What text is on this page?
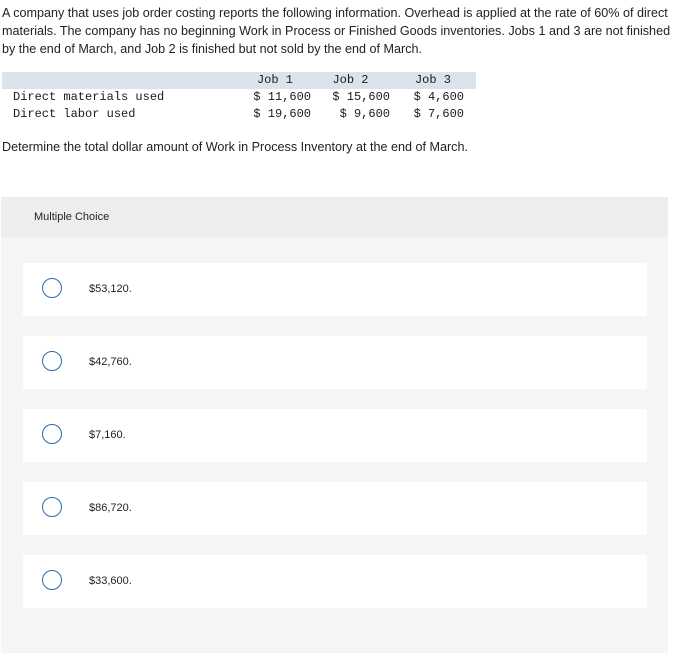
A company that uses job order costing reports the following information. Overhead is applied at the rate of 60% of direct materials. The company has no beginning Work in Process or Finished Goods inventories. Jobs 1 and 3 are not finished by the end of March, and Job 2 is finished but not sold by the end of March.

	Job 1	Job 2	Job 3
Direct materials used	$ 11,600	$ 15,600	$ 4,600
Direct labor used	$ 19,600	$ 9,600	$ 7,600

Determine the total dollar amount of Work in Process Inventory at the end of March.

Multiple Choice
$53,120.
$42,760.
$7,160.
$86,720.
$33,600.
